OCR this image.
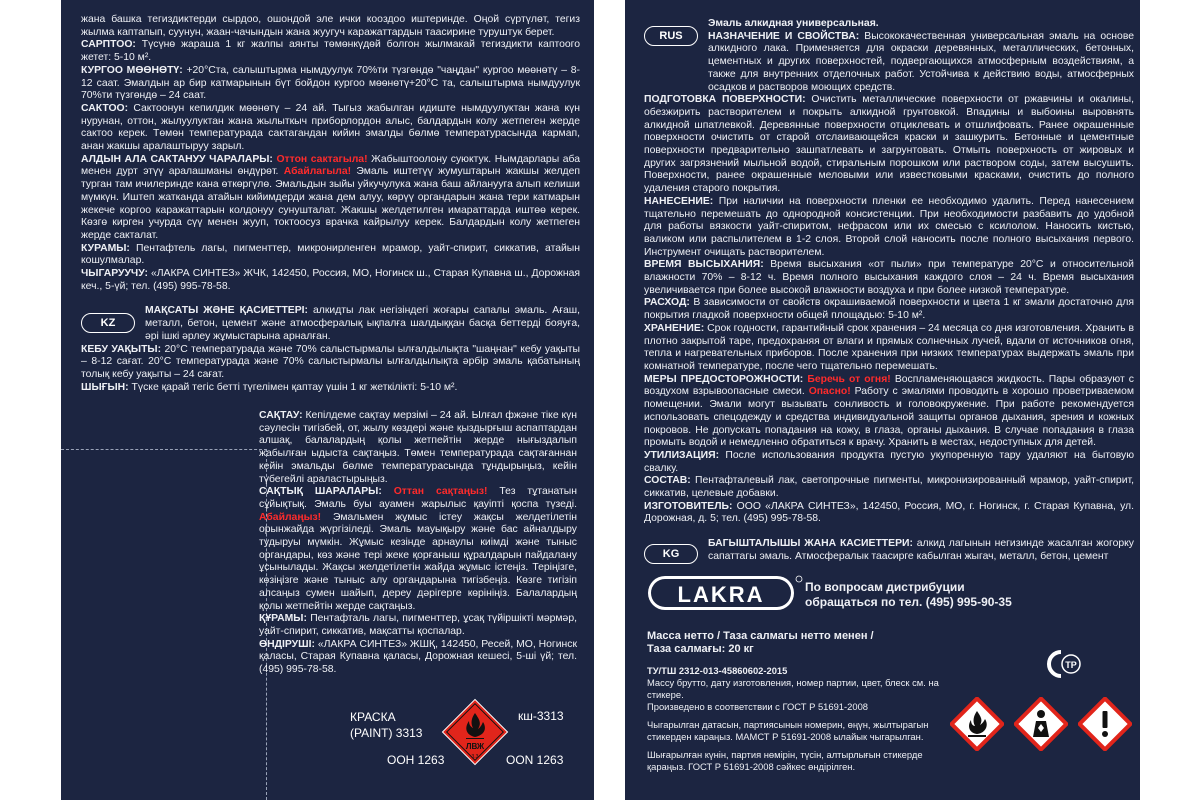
жана башка тегиздиктерди сырдоо, ошондой эле ички коoздоо иштеринде. Оңой сүртүлөт, тегиз жылма каптапып, суунун, жаан-чачындын жана жуугуч каражаттардын таасирине туруштук берет.

САРПТОО: Түсүнө жараша 1 кг жалпы аянты төмөнкүдөй болгон жылмакай тегиздикти каптоого жетет: 5-10 м².

КУРГОО МӨӨНӨТҮ: +20°Cта, салыштырма нымдуулук 70%ти түзгөндө "чаңдан" кургоо мөөнөтү – 8-12 саат. Эмалдын ар бир катмарынын бүт бойдон кургоо мөөнөтү+20°C та, салыштырма нымдуулук 70%ти түзгөндө – 24 саат.

САКТОО: Сактоонун кепилдик мөөнөтү – 24 ай. Тыгыз жабылган идиште нымдуулуктан жана күн нурунан, оттон, жылуулуктан жана жылыткыч приборлордон алыс, балдардын колу жетпеген жерде сактоо керек. Төмөн температурада сактагандан кийин эмалды бөлмө температурасында кармап, анан жакшы аралаштыруу зарыл.

АЛДЫН АЛА САКТАНУУ ЧАРАЛАРЫ: Оттон сактагыла! Жабыштоолону суюктук. Нымдарлары аба менен дурт этүү аралашманы өндүрөт. Абайлагыла! Эмаль иштетүү жумуштарын жакшы желдеп турган там ичилеринде кана өткөргүлө. Эмальдын зыйы уйкучулука жана баш айланууга алып келиши мүмкүн. Иштеп жатканда атайын кийимдерди жана дем алуу, көрүү органдарын жана тери катмарын жекече коргоо каражаттарын колдонуу сунушталат. Жакшы желдетилген имараттарда иштөө керек. Көзгө кирген учурда сүү менен жууп, токтоосуз врачка кайрылуу керек. Балдардын колу жетпеген жерде сакталат.

КУРАМЫ: Пентафтель лагы, пигменттер, микронирленген мрамор, уайт-спирит, сиккатив, атайын кошулмалар.

ЧЫГАРУУЧУ: «ЛАКРА СИНТЕЗ» ЖЧК, 142450, Россия, МО, Ногинск ш., Старая Купавна ш., Дорожная кеч., 5-үй; тел. (495) 995-78-58.

KZ

МАҚСАТЫ ЖӘНЕ ҚАСИЕТТЕРІ: алкидты лак негізіндегі жоғары сапалы эмаль. Ағаш, металл, бетон, цемент және атмосфералық ықпалға шалдыққан басқа беттерді бояуға, әрі ішкі әрлеу жұмыстарына арналған.

КЕБУ УАҚЫТЫ: 20°С температурада және 70% салыстырмалы ылғалдылықта "шаңнан" кебу уақыты – 8-12 сағат. 20°С температурада және 70% салыстырмалы ылғалдылықта әрбір эмаль қабатының толық кебу уақыты – 24 сағат.

ШЫҒЫН: Түске қарай тегіс бетті түгелімен қаптау үшін 1 кг жеткілікті: 5-10 м².

САҚТАУ: Кепілдеме сақтау мерзімі – 24 ай. Ылғал фжәне тіке күн сәулесін тигізбей, от, жылу көздері және қыздырғыш аспаптардан алшақ, балалардың қолы жетпейтін жерде нығыздалып жабылған ыдыста сақтаңыз. Төмен температурада сақтағаннан кейін эмальды бөлме температурасында тұндырыңыз, кейін түбегейлі араластырыңыз.

САҚТЫҚ ШАРАЛАРЫ: Оттан сақтаңыз! Тез тұтанатын сұйықтық. Эмаль буы ауамен жарылыс қауіпті қоспа түзеді. Абайлаңыз! Эмальмен жұмыс істеу жақсы желдетілетін орынжайда жүргізіледі. Эмаль мауықыру және бас айналдыру тудыруы мүмкін. Жұмыс кезінде арнаулы киімді және тыныс органдары, көз және тері жеке қорғаныш құралдарын пайдалану ұсынылады. Жақсы желдетілетін жайда жұмыс істеңіз. Теріңізге, көзіңізге және тыныс алу органдарына тигізбеңіз. Көзге тигізіп алсаңыз сумен шайып, дереу дәрігерге көрініңіз. Балалардың қолы жетпейтін жерде сақтаңыз.

ҚҰРАМЫ: Пентафталь лагы, пигменттер, ұсақ түйіршікті мәрмәр, уайт-спирит, сиккатив, мақсатты қоспалар.

ӨНДІРУШІ: «ЛАКРА СИНТЕЗ» ЖШҚ, 142450, Ресей, МО, Ногинск қаласы, Старая Купавна қаласы, Дорожная кешесі, 5-ші үй; тел. (495) 995-78-58.

КРАСКА
(PAINT) 3313
ООН 1263
ЛВЖ
3.3
кш-3313
OON 1263
RUS

Эмаль алкидная универсальная.

НАЗНАЧЕНИЕ И СВОЙСТВА: Высококачественная универсальная эмаль на основе алкидного лака. Применяется для окраски деревянных, металлических, бетонных, цементных и других поверхностей, подвергающихся атмосферным воздействиям, а также для внутренних отделочных работ. Устойчива к действию воды, атмосферных осадков и растворов моющих средств.

ПОДГОТОВКА ПОВЕРХНОСТИ: Очистить металлические поверхности от ржавчины и окалины, обезжирить растворителем и покрыть алкидной грунтовкой. Впадины и выбоины выровнять алкидной шпатлевкой. Деревянные поверхности отциклевать и отшлифовать. Ранее окрашенные поверхности очистить от старой отслаивающейся краски и зашкурить. Бетонные и цементные поверхности предварительно зашпатлевать и загрунтовать. Отмыть поверхность от жировых и других загрязнений мыльной водой, стиральным порошком или раствором соды, затем высушить. Поверхности, ранее окрашенные меловыми или известковыми красками, очистить до полного удаления старого покрытия.

НАНЕСЕНИЕ: При наличии на поверхности пленки ее необходимо удалить. Перед нанесением тщательно перемешать до однородной консистенции. При необходимости разбавить до удобной для работы вязкости уайт-спиритом, нефрасом или их смесью с ксилолом. Наносить кистью, валиком или распылителем в 1-2 слоя. Второй слой наносить после полного высыхания первого. Инструмент очищать растворителем.

ВРЕМЯ ВЫСЫХАНИЯ: Время высыхания «от пыли» при температуре 20°С и относительной влажности 70% – 8-12 ч. Время полного высыхания каждого слоя – 24 ч. Время высыхания увеличивается при более высокой влажности воздуха и при более низкой температуре.

РАСХОД: В зависимости от свойств окрашиваемой поверхности и цвета 1 кг эмали достаточно для покрытия гладкой поверхности общей площадью: 5-10 м².

ХРАНЕНИЕ: Срок годности, гарантийный срок хранения – 24 месяца со дня изготовления. Хранить в плотно закрытой таре, предохраняя от влаги и прямых солнечных лучей, вдали от источников огня, тепла и нагревательных приборов. После хранения при низких температурах выдержать эмаль при комнатной температуре, после чего тщательно перемешать.

МЕРЫ ПРЕДОСТОРОЖНОСТИ: Беречь от огня! Воспламеняющаяся жидкость. Пары образуют с воздухом взрывоопасные смеси. Опасно! Работу с эмалями проводить в хорошо проветриваемом помещении. Эмали могут вызывать сонливость и головокружение. При работе рекомендуется использовать спецодежду и средства индивидуальной защиты органов дыхания, зрения и кожных покровов. Не допускать попадания на кожу, в глаза, органы дыхания. В случае попадания в глаза промыть водой и немедленно обратиться к врачу. Хранить в местах, недоступных для детей.

УТИЛИЗАЦИЯ: После использования продукта пустую укупоренную тару удаляют на бытовую свалку.

СОСТАВ: Пентафталевый лак, светопрочные пигменты, микронизированный мрамор, уайт-спирит, сиккатив, целевые добавки.

ИЗГОТОВИТЕЛЬ: ООО «ЛАКРА СИНТЕЗ», 142450, Россия, МО, г. Ногинск, г. Старая Купавна, ул. Дорожная, д. 5; тел. (495) 995-78-58.

KG

БАГЫШТАЛЫШЫ ЖАНА КАСИЕТТЕРИ: алкид лагынын негизинде жасалган жогорку сапаттагы эмаль. Атмосфералык таасирге кабылган жыгач, металл, бетон, цемент

LAKRA	По вопросам дистрибуции
обращаться по тел. (495) 995-90-35
Масса нетто / Таза салмагы нетто менен /
Таза салмағы: 20 кг

ТУ/ТШ 2312-013-45860602-2015

Массу брутто, дату изготовления, номер партии, цвет, блеск см. на стикере.

Произведено в соответствии с ГОСТ Р 51691-2008

Чыгарылган датасын, партиясынын номерин, өңүн, жылтырагын стикерден караңыз. МАМСТ Р 51691-2008 ылайык чыгарылган.

Шығарылған күнін, партия нөмірін, түсін, алтырлығын стикерде қараңыз. ГОСТ Р 51691-2008 сәйкес өндірілген.

ТР
